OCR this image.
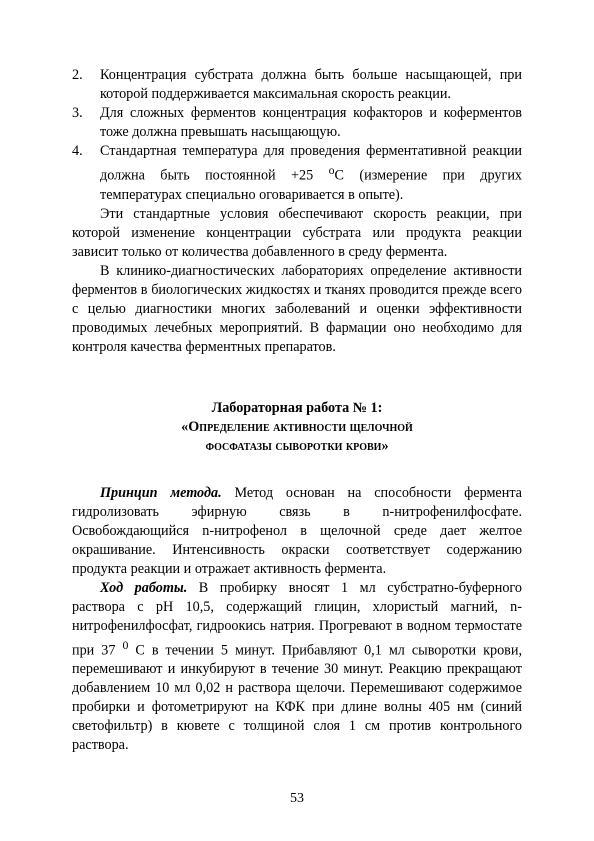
2. Концентрация субстрата должна быть больше насыщающей, при которой поддерживается максимальная скорость реакции.
3. Для сложных ферментов концентрация кофакторов и коферментов тоже должна превышать насыщающую.
4. Стандартная температура для проведения ферментативной реакции должна быть постоянной +25 $^o$С (измерение при других температурах специально оговаривается в опыте).

Эти стандартные условия обеспечивают скорость реакции, при которой изменение концентрации субстрата или продукта реакции зависит только от количества добавленного в среду фермента.

В клинико-диагностических лабораториях определение активности ферментов в биологических жидкостях и тканях проводится прежде всего с целью диагностики многих заболеваний и оценки эффективности проводимых лечебных мероприятий. В фармации оно необходимо для контроля качества ферментных препаратов.

Лабораторная работа № 1:
«Определение активности щелочной
фосфатазы сыворотки крови»

Принцип метода. Метод основан на способности фермента гидролизовать эфирную связь в n-нитрофенилфосфате. Освобождающийся n-нитрофенол в щелочной среде дает желтое окрашивание. Интенсивность окраски соответствует содержанию продукта реакции и отражает активность фермента.

Ход работы. В пробирку вносят 1 мл субстратно-буферного раствора с рН 10,5, содержащий глицин, хлористый магний, n-нитрофенилфосфат, гидроокись натрия. Прогревают в водном термостате при 37 $^0$ С в течении 5 минут. Прибавляют 0,1 мл сыворотки крови, перемешивают и инкубируют в течение 30 минут. Реакцию прекращают добавлением 10 мл 0,02 н раствора щелочи. Перемешивают содержимое пробирки и фотометрируют на КФК при длине волны 405 нм (синий светофильтр) в кювете с толщиной слоя 1 см против контрольного раствора.

53
